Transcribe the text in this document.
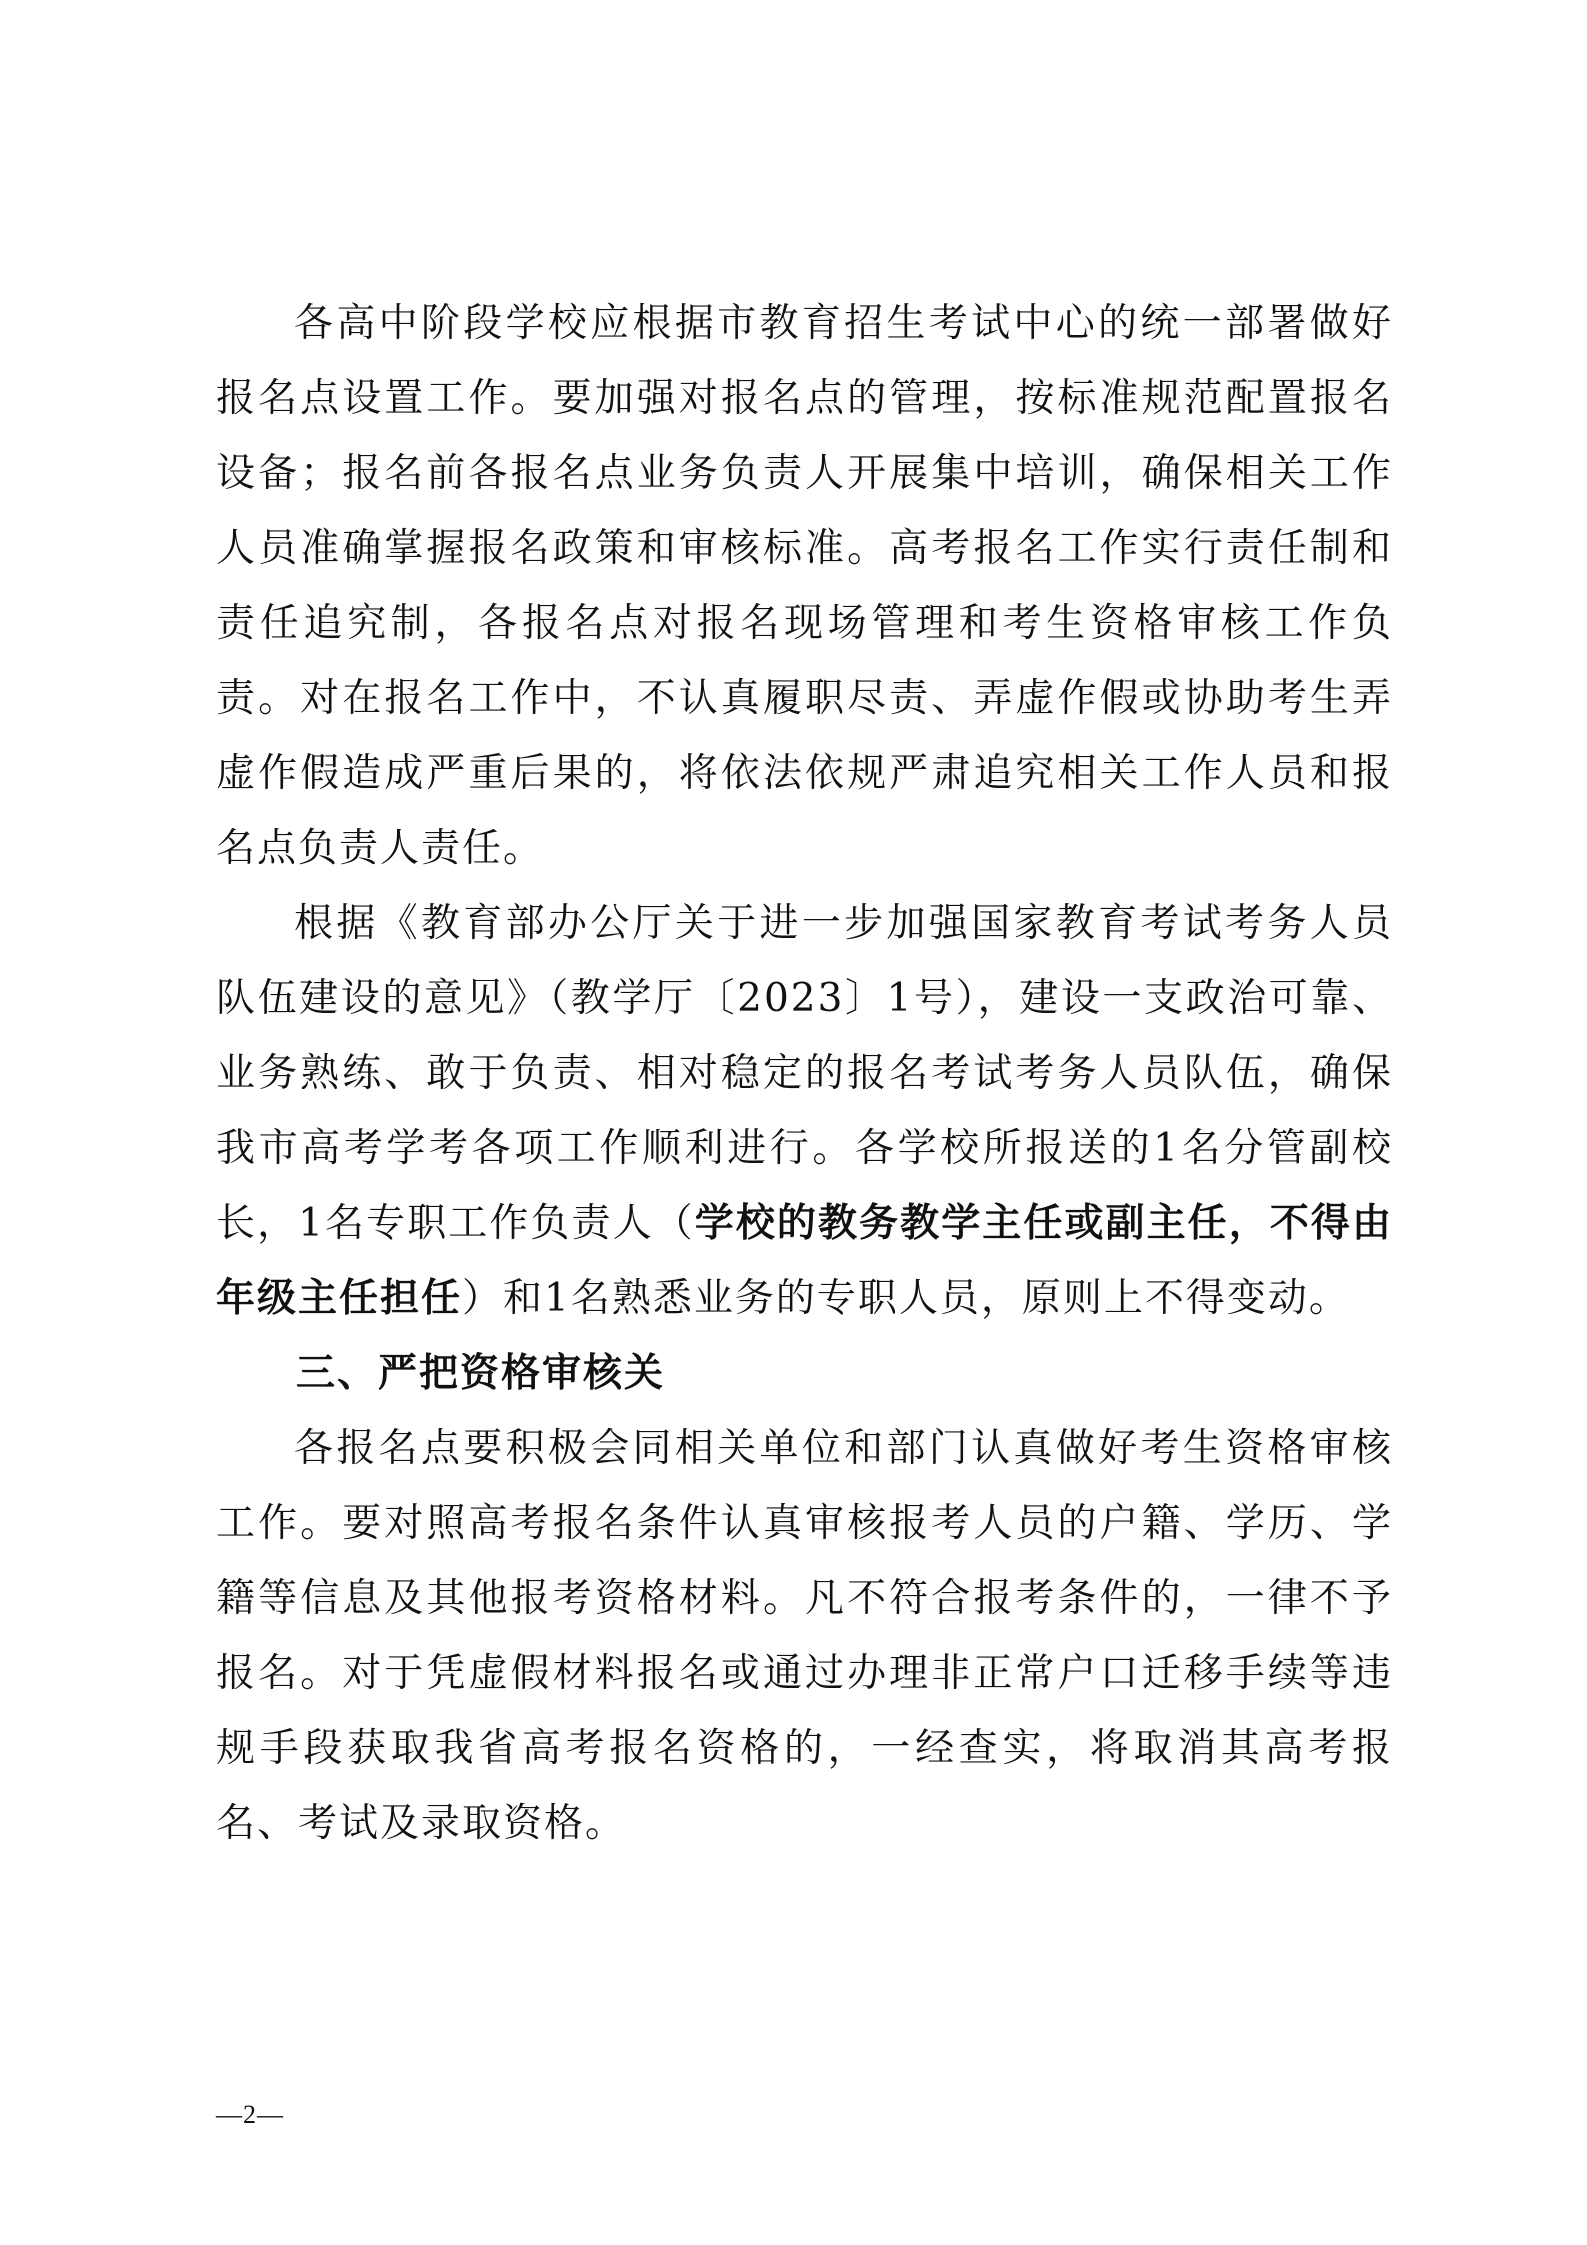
各高中阶段学校应根据市教育招生考试中心的统一部署做好报名点设置工作。要加强对报名点的管理，按标准规范配置报名设备；报名前各报名点业务负责人开展集中培训，确保相关工作人员准确掌握报名政策和审核标准。高考报名工作实行责任制和责任追究制，各报名点对报名现场管理和考生资格审核工作负责。对在报名工作中，不认真履职尽责、弄虚作假或协助考生弄虚作假造成严重后果的，将依法依规严肃追究相关工作人员和报名点负责人责任。

根据《教育部办公厅关于进一步加强国家教育考试考务人员队伍建设的意见》（教学厅〔2023〕1号），建设一支政治可靠、业务熟练、敢于负责、相对稳定的报名考试考务人员队伍，确保我市高考学考各项工作顺利进行。各学校所报送的1名分管副校长，1名专职工作负责人（学校的教务教学主任或副主任，不得由年级主任担任）和1名熟悉业务的专职人员，原则上不得变动。

三、严把资格审核关

各报名点要积极会同相关单位和部门认真做好考生资格审核工作。要对照高考报名条件认真审核报考人员的户籍、学历、学籍等信息及其他报考资格材料。凡不符合报考条件的，一律不予报名。对于凭虚假材料报名或通过办理非正常户口迁移手续等违规手段获取我省高考报名资格的，一经查实，将取消其高考报名、考试及录取资格。

—2—
